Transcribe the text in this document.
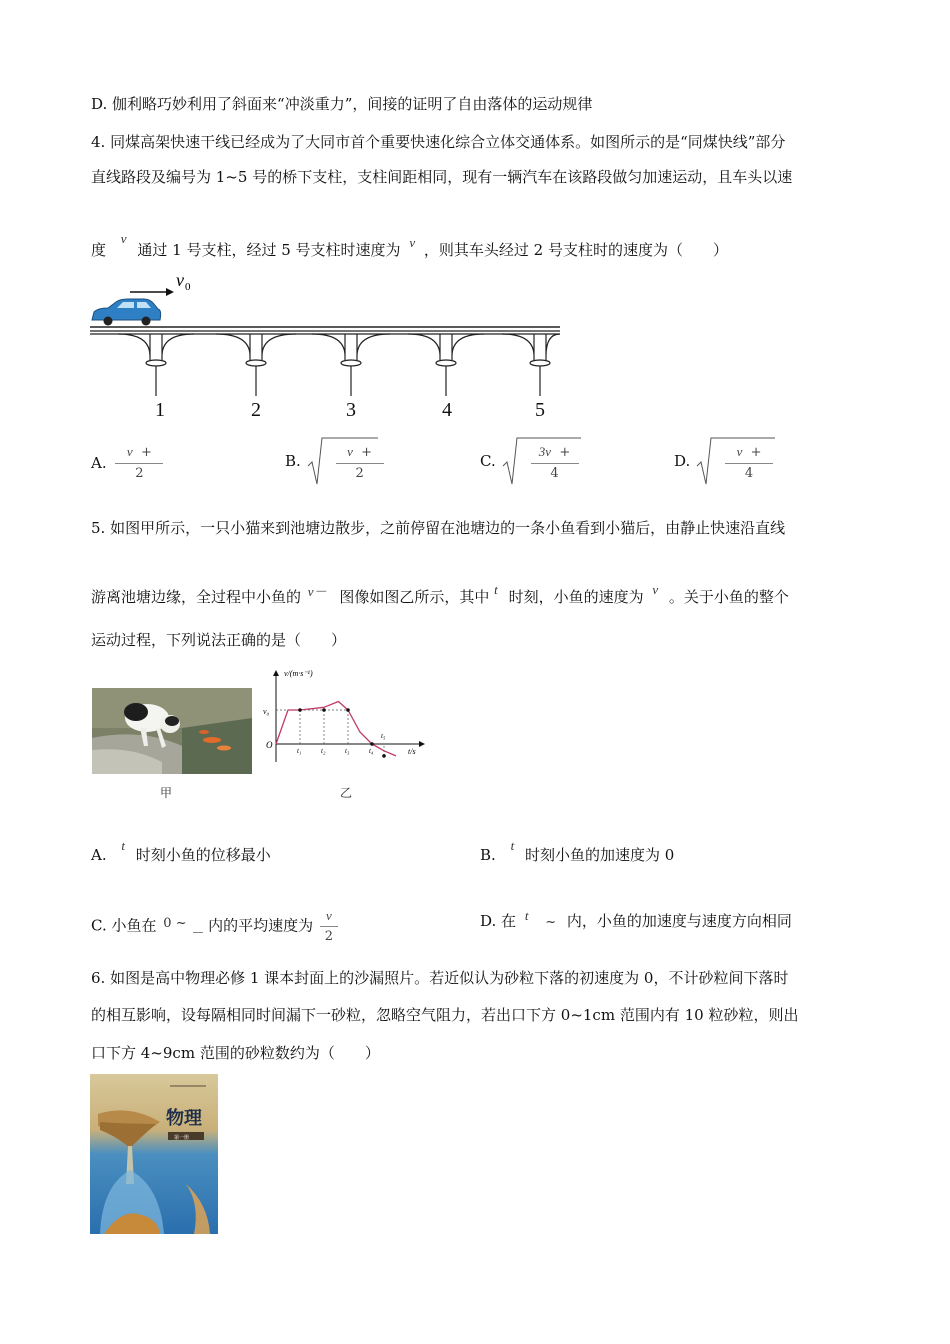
D. 伽利略巧妙利用了斜面来“冲淡重力”，间接的证明了自由落体的运动规律
4. 同煤高架快速干线已经成为了大同市首个重要快速化综合立体交通体系。如图所示的是“同煤快线”部分
直线路段及编号为 1~5 号的桥下支柱，支柱间距相同，现有一辆汽车在该路段做匀加速运动，且车头以速
度 v 通过 1 号支柱，经过 5 号支柱时速度为 v ，则其车头经过 2 号支柱时的速度为（　　）
v 0
1	2	3	4	5
A. $\frac{v +}{2}$	B.	$\frac{v +}{2}$	C.	$\frac{3v +}{4}$	D.	$\frac{v +}{4}$
5. 如图甲所示，一只小猫来到池塘边散步，之前停留在池塘边的一条小鱼看到小猫后，由静止快速沿直线
游离池塘边缘，全过程中小鱼的 v－ 图像如图乙所示，其中 t 时刻，小鱼的速度为 v 。关于小鱼的整个
运动过程，下列说法正确的是（　　）
甲
v/(m·s⁻¹)
t/s
O
v₀
t₁	t₂	t₃	t₄
t₅
乙
A. t 时刻小鱼的位移最小	B. t 时刻小鱼的加速度为 0
C. 小鱼在 0 ~ 内的平均速度为 $\frac{v}{2}$	D. 在 t ~ 内，小鱼的加速度与速度方向相同
6. 如图是高中物理必修 1 课本封面上的沙漏照片。若近似认为砂粒下落的初速度为 0，不计砂粒间下落时
的相互影响，设每隔相同时间漏下一砂粒，忽略空气阻力，若出口下方 0~1cm 范围内有 10 粒砂粒，则出
口下方 4~9cm 范围的砂粒数约为（　　）
物理
第一册
